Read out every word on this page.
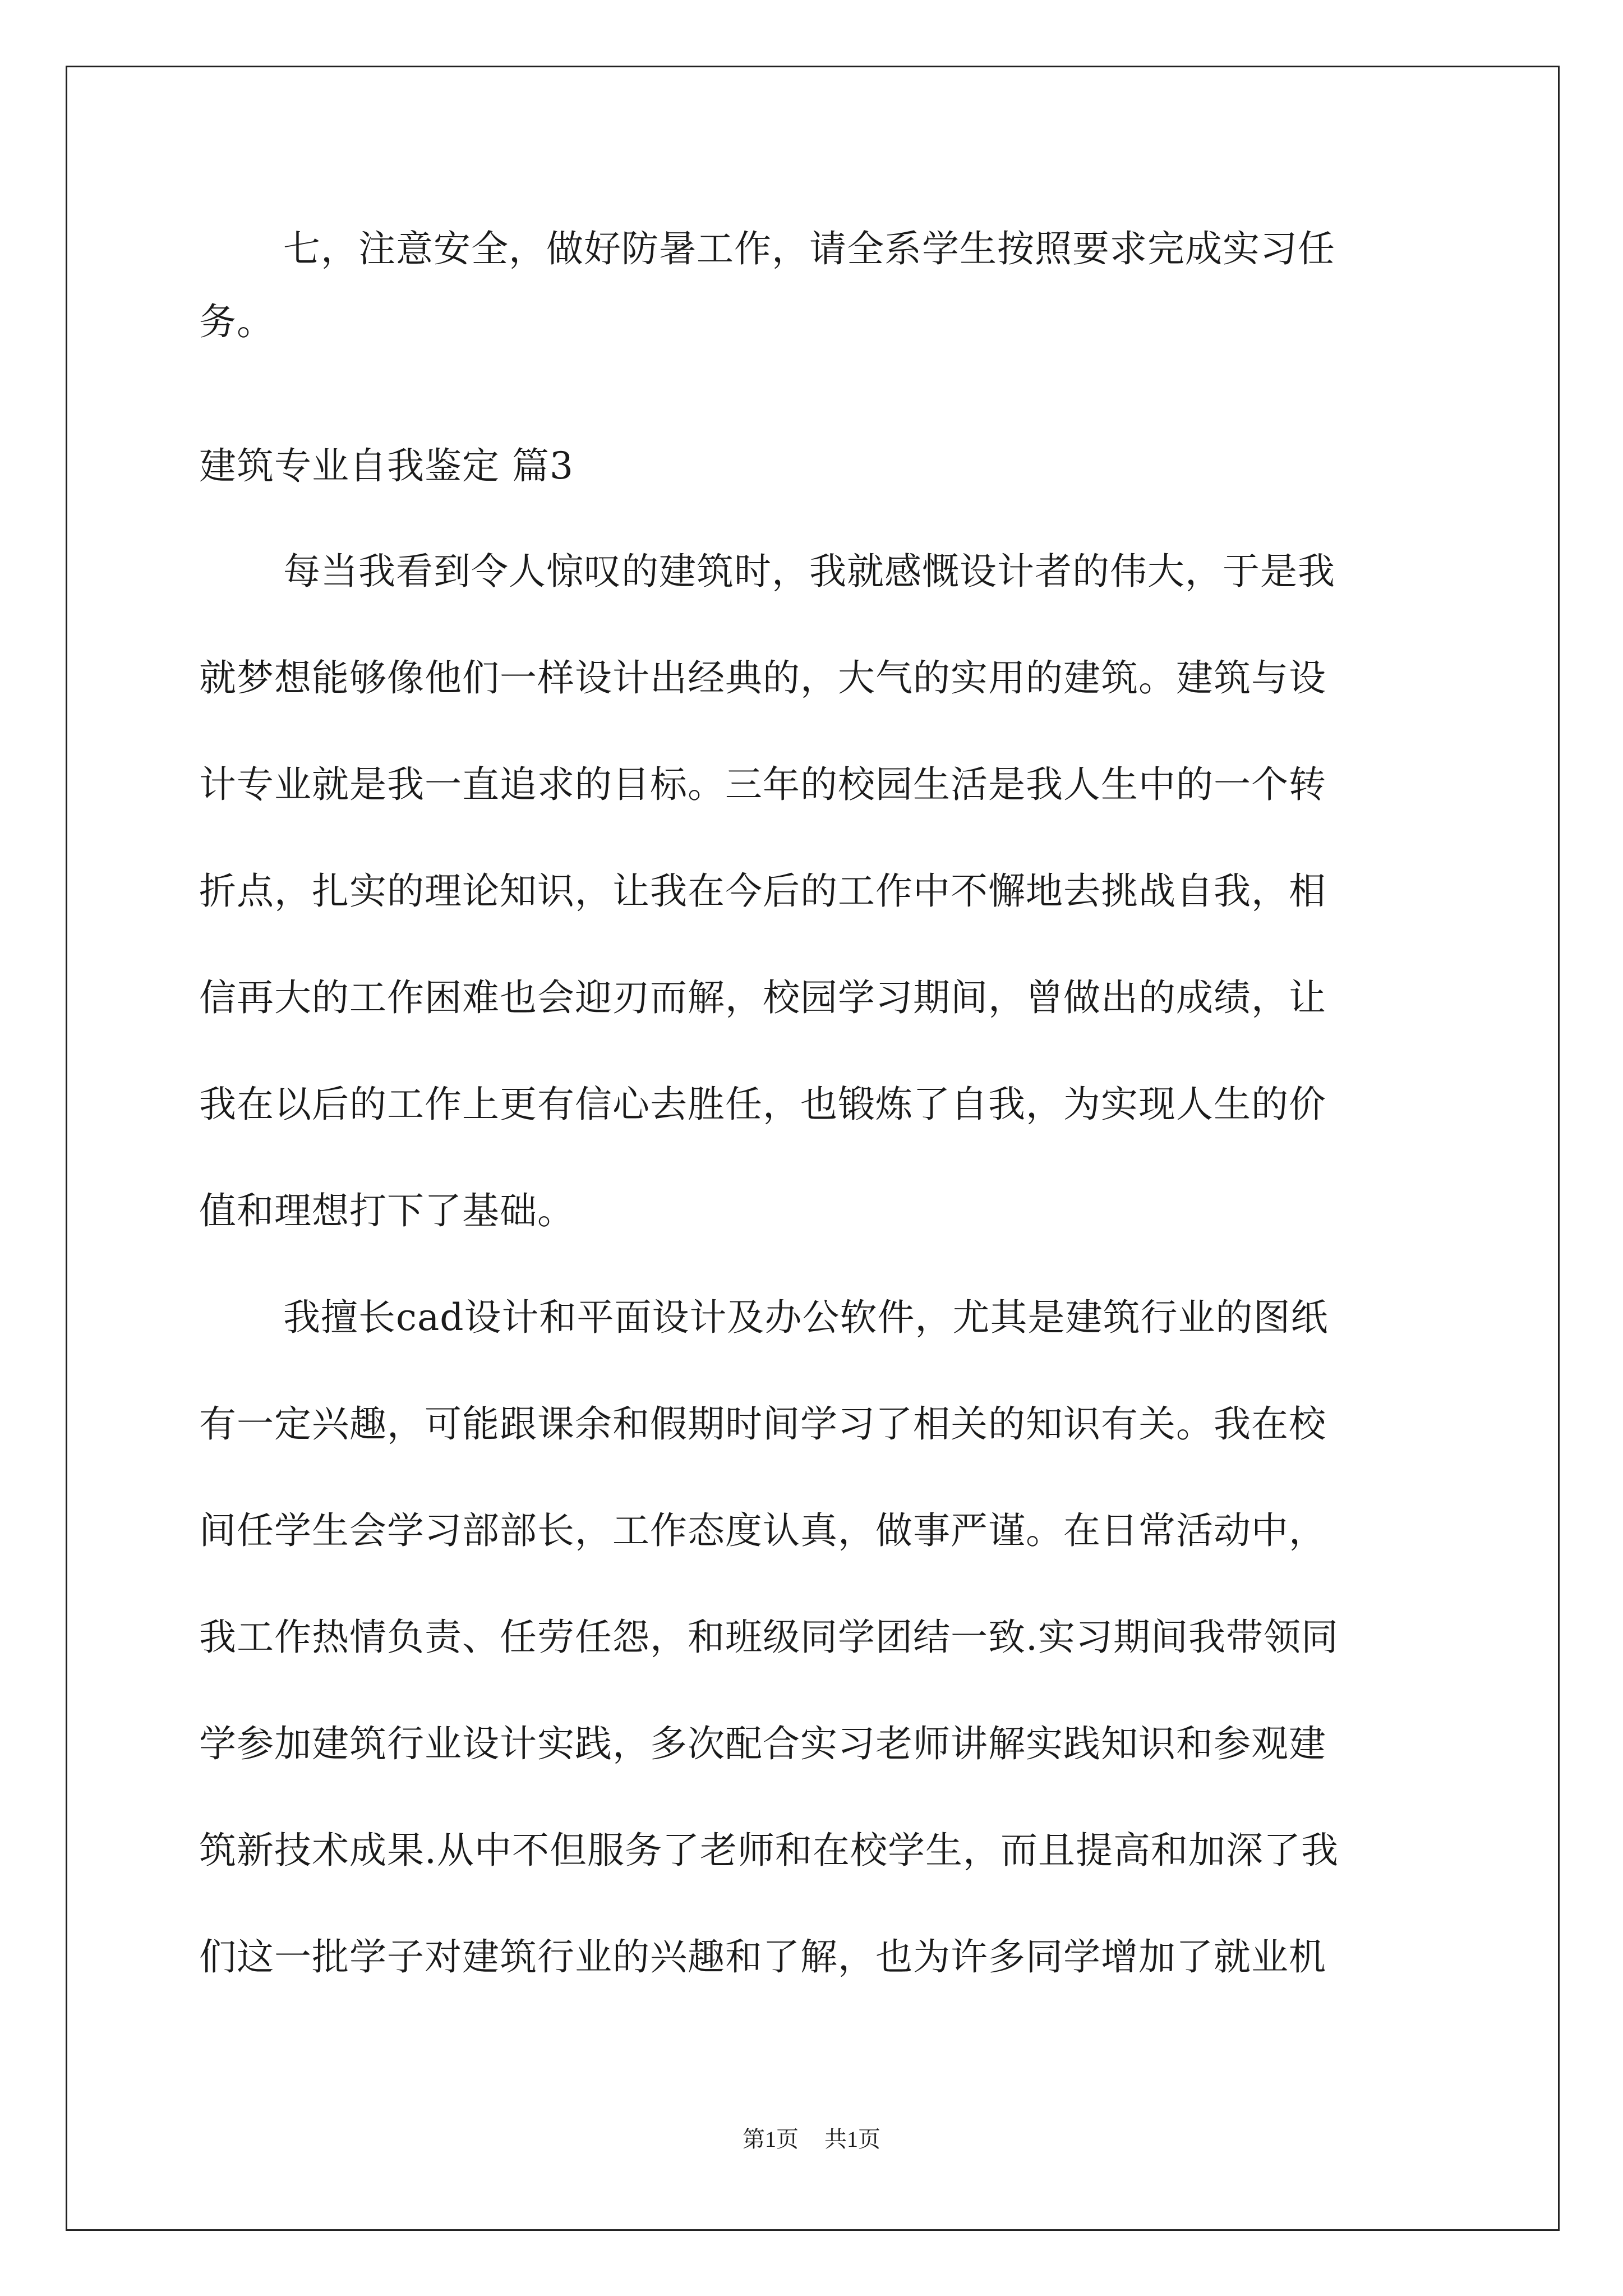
七，注意安全，做好防暑工作，请全系学生按照要求完成实习任
务。
建筑专业自我鉴定 篇3
每当我看到令人惊叹的建筑时，我就感慨设计者的伟大，于是我
就梦想能够像他们一样设计出经典的，大气的实用的建筑。建筑与设
计专业就是我一直追求的目标。三年的校园生活是我人生中的一个转
折点，扎实的理论知识，让我在今后的工作中不懈地去挑战自我，相
信再大的工作困难也会迎刃而解，校园学习期间，曾做出的成绩，让
我在以后的工作上更有信心去胜任，也锻炼了自我，为实现人生的价
值和理想打下了基础。
我擅长cad设计和平面设计及办公软件，尤其是建筑行业的图纸
有一定兴趣，可能跟课余和假期时间学习了相关的知识有关。我在校
间任学生会学习部部长，工作态度认真，做事严谨。在日常活动中，
我工作热情负责、任劳任怨，和班级同学团结一致.实习期间我带领同
学参加建筑行业设计实践，多次配合实习老师讲解实践知识和参观建
筑新技术成果.从中不但服务了老师和在校学生，而且提高和加深了我
们这一批学子对建筑行业的兴趣和了解，也为许多同学增加了就业机
第1页 共1页
